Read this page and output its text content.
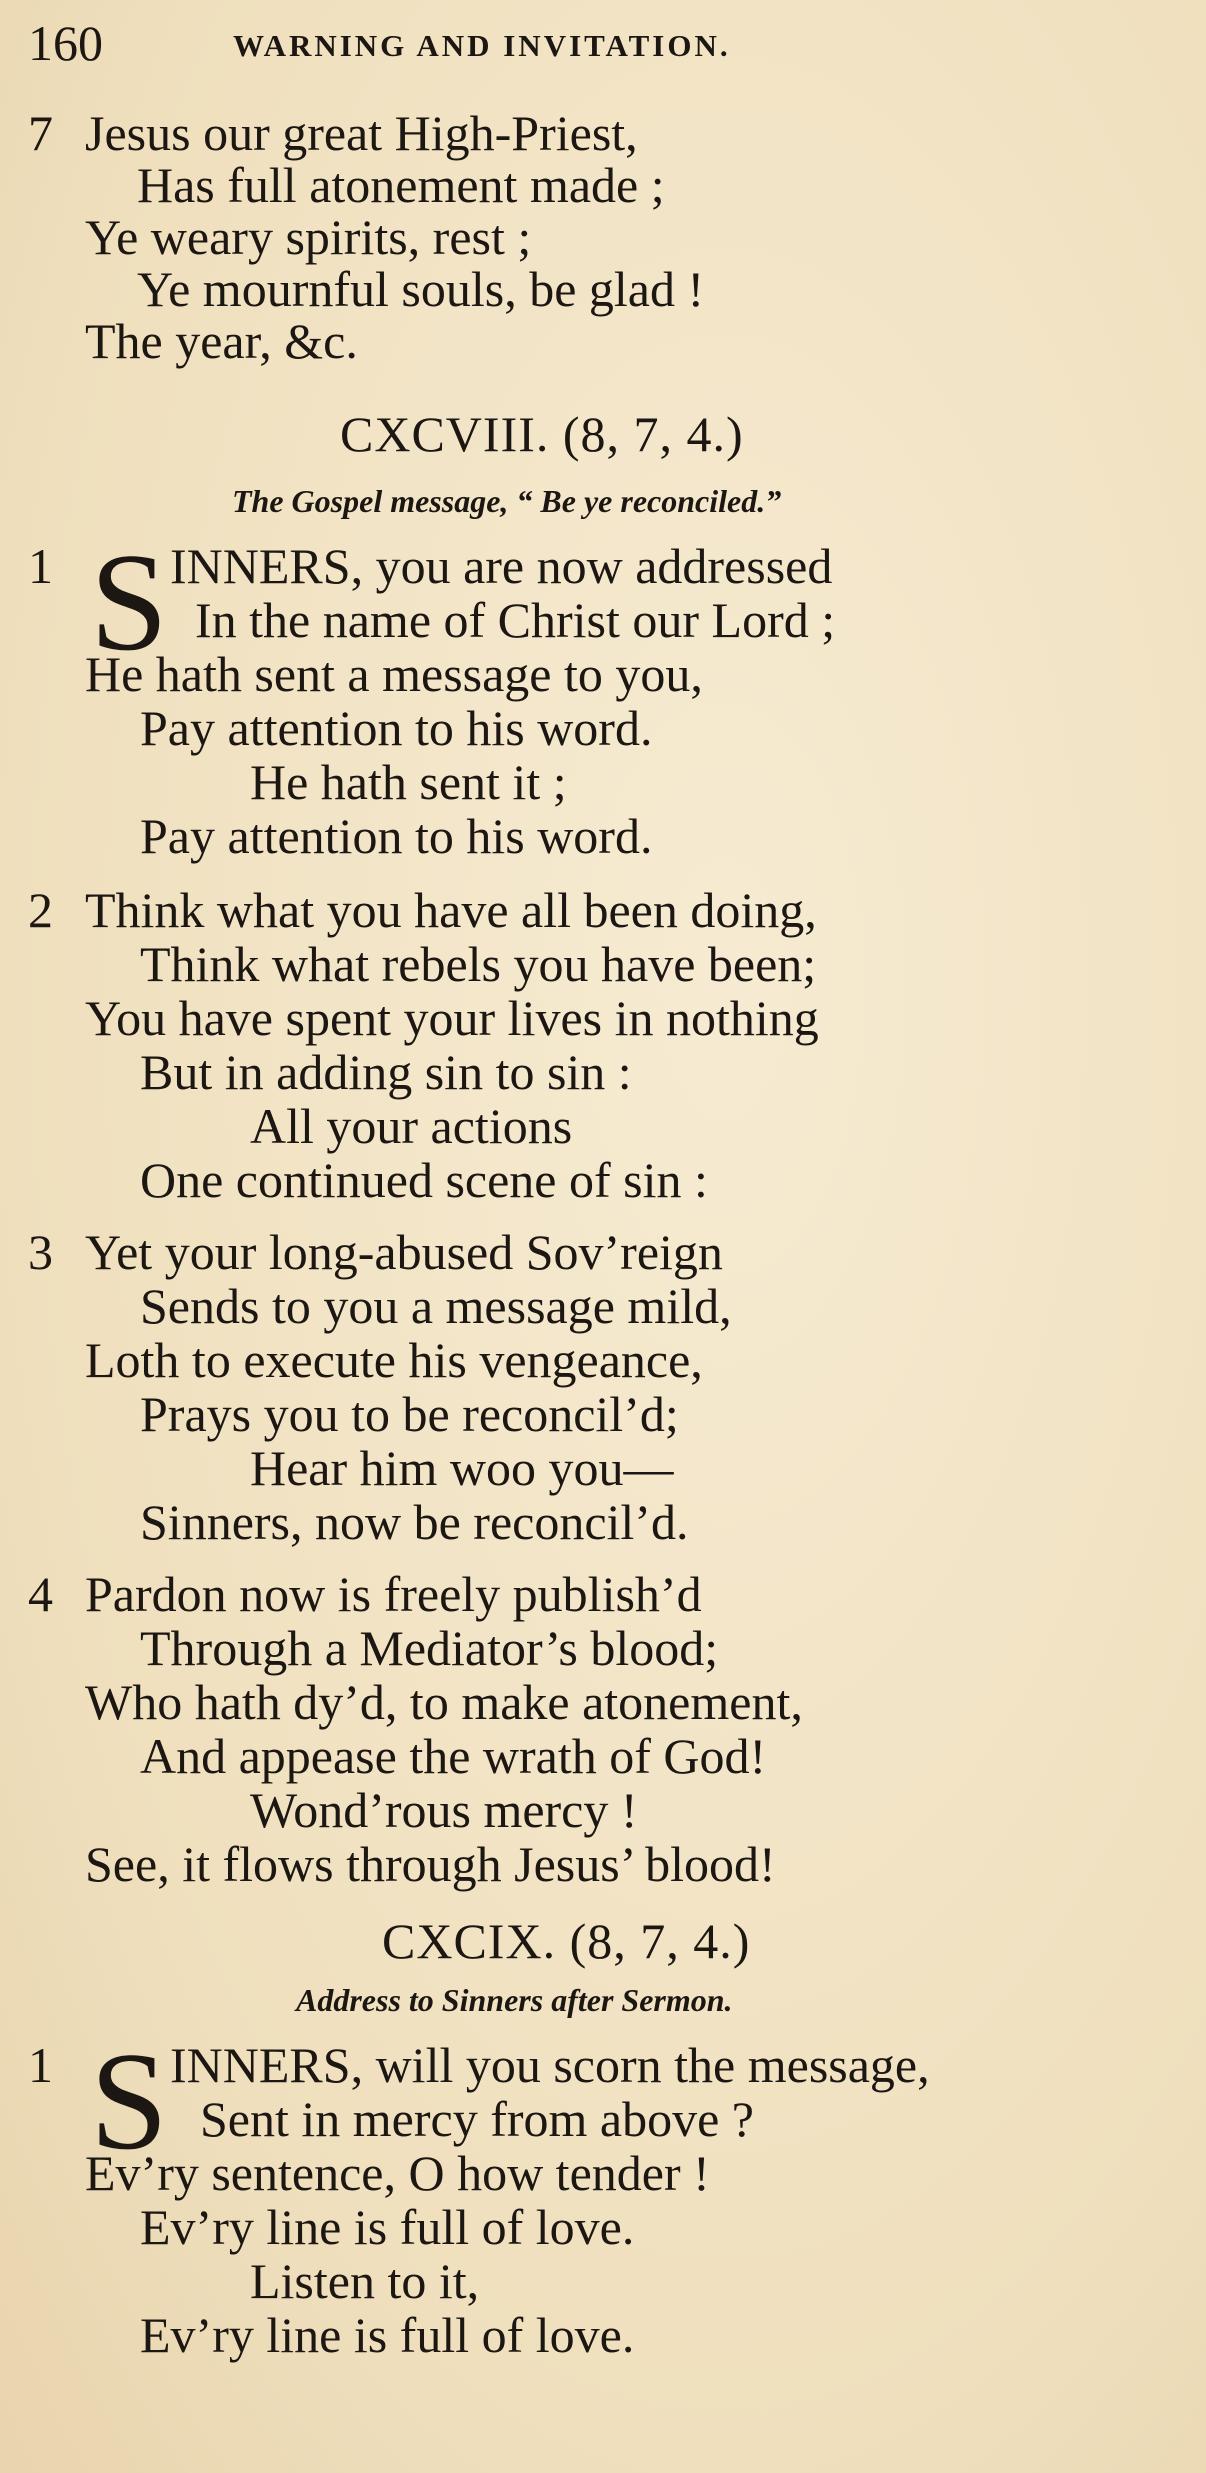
160	WARNING AND INVITATION.
7 Jesus our great High-Priest,
Has full atonement made ;
Ye weary spirits, rest ;
Ye mournful souls, be glad !
The year, &c.
CXCVIII. (8, 7, 4.)
The Gospel message, “ Be ye reconciled.”
1 S INNERS, you are now addressed
In the name of Christ our Lord ;
He hath sent a message to you,
Pay attention to his word.
He hath sent it ;
Pay attention to his word.
2 Think what you have all been doing,
Think what rebels you have been;
You have spent your lives in nothing
But in adding sin to sin :
All your actions
One continued scene of sin :
3 Yet your long-abused Sov’reign
Sends to you a message mild,
Loth to execute his vengeance,
Prays you to be reconcil’d;
Hear him woo you—
Sinners, now be reconcil’d.
4 Pardon now is freely publish’d
Through a Mediator’s blood;
Who hath dy’d, to make atonement,
And appease the wrath of God!
Wond’rous mercy !
See, it flows through Jesus’ blood!
CXCIX. (8, 7, 4.)
Address to Sinners after Sermon.
1 S INNERS, will you scorn the message,
Sent in mercy from above ?
Ev’ry sentence, O how tender !
Ev’ry line is full of love.
Listen to it,
Ev’ry line is full of love.
